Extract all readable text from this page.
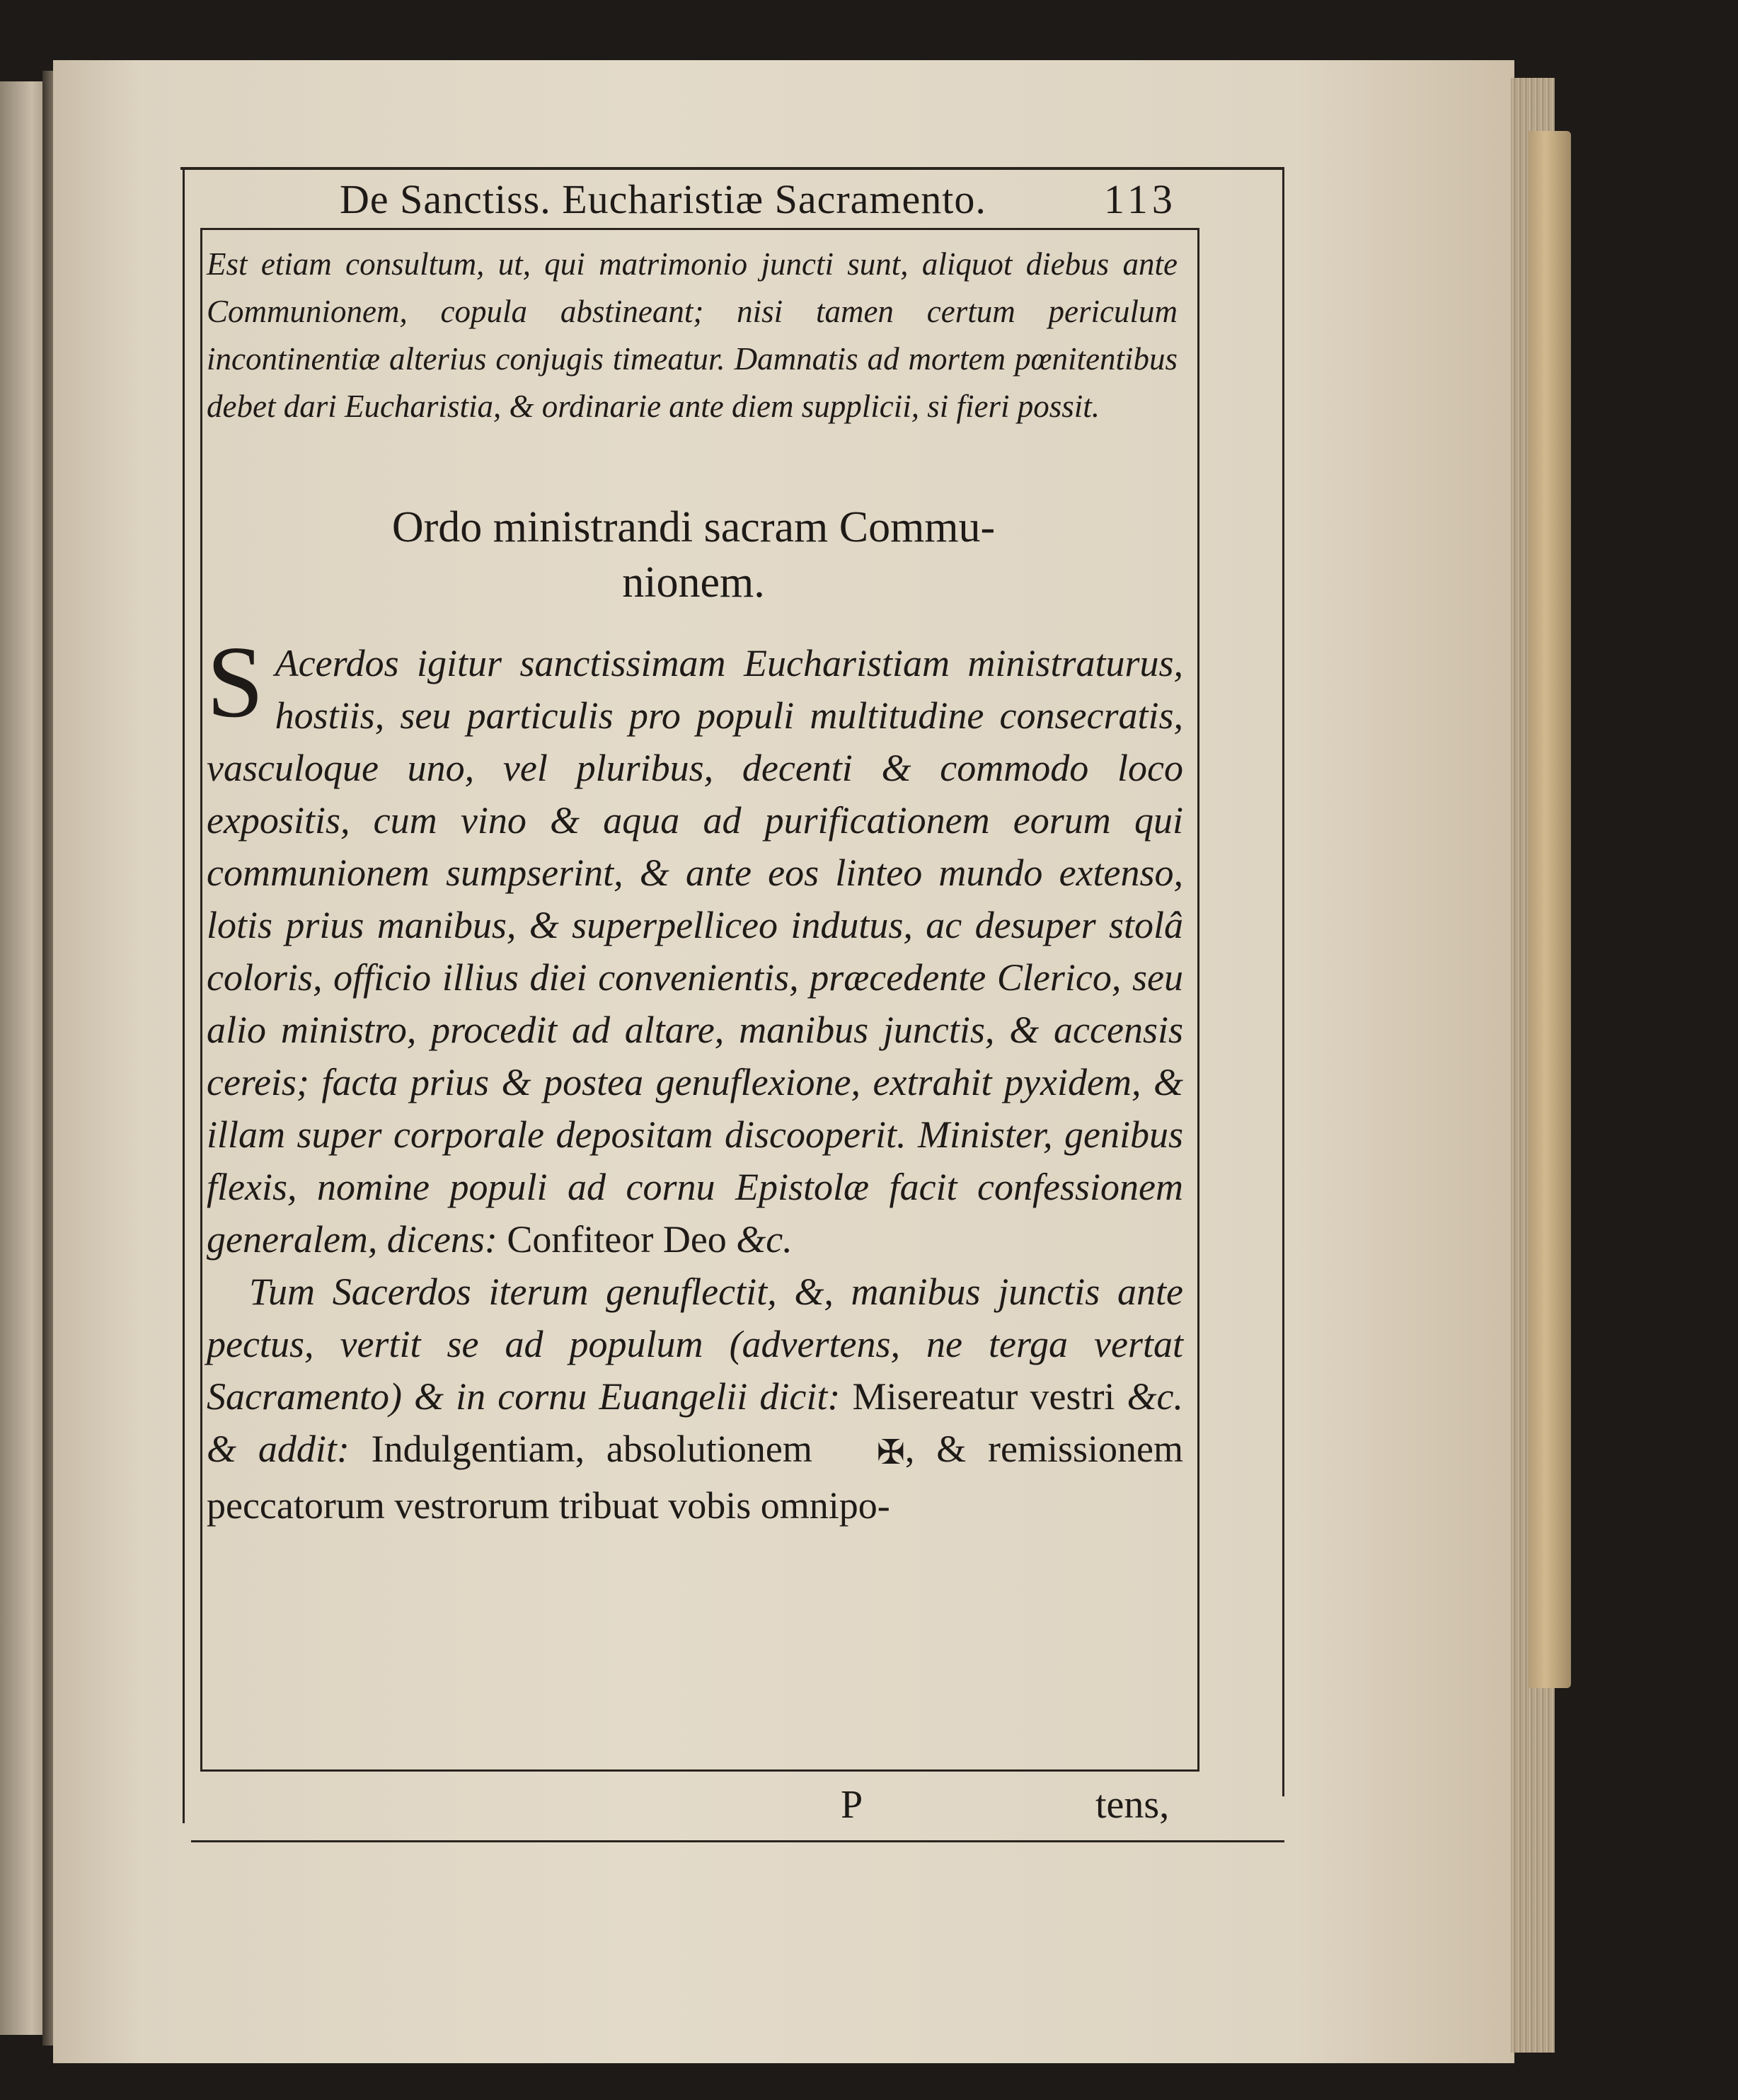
De Sanctiss. Eucharistiæ Sacramento.	113
Est etiam consultum, ut, qui matrimonio juncti sunt, aliquot diebus ante Communionem, copula abstineant; nisi tamen certum periculum incontinentiæ alterius conjugis timeatur. Damnatis ad mortem pœnitentibus debet dari Eucharistia, & ordinarie ante diem supplicii, si fieri possit.
Ordo ministrandi sacram Commu-
nionem.

S Acerdos igitur sanctissimam Eucharistiam ministraturus, hostiis, seu particulis pro populi multitudine consecratis, vasculoque uno, vel pluribus, decenti & commodo loco expositis, cum vino & aqua ad purificationem eorum qui communionem sumpserint, & ante eos linteo mundo extenso, lotis prius manibus, & superpelliceo indutus, ac desuper stolâ coloris, officio illius diei convenientis, præcedente Clerico, seu alio ministro, procedit ad altare, manibus junctis, & accensis cereis; facta prius & postea genuflexione, extrahit pyxidem, & illam super corporale depositam discooperit. Minister, genibus flexis, nomine populi ad cornu Epistolæ facit confessionem generalem, dicens: Confiteor Deo &c.

Tum Sacerdos iterum genuflectit, &, manibus junctis ante pectus, vertit se ad populum (advertens, ne terga vertat Sacramento) & in cornu Euangelii dicit: Misereatur vestri &c. & addit: Indulgentiam, absolutionem ✠, & remissionem peccatorum vestrorum tribuat vobis omnipo-

P	tens,
